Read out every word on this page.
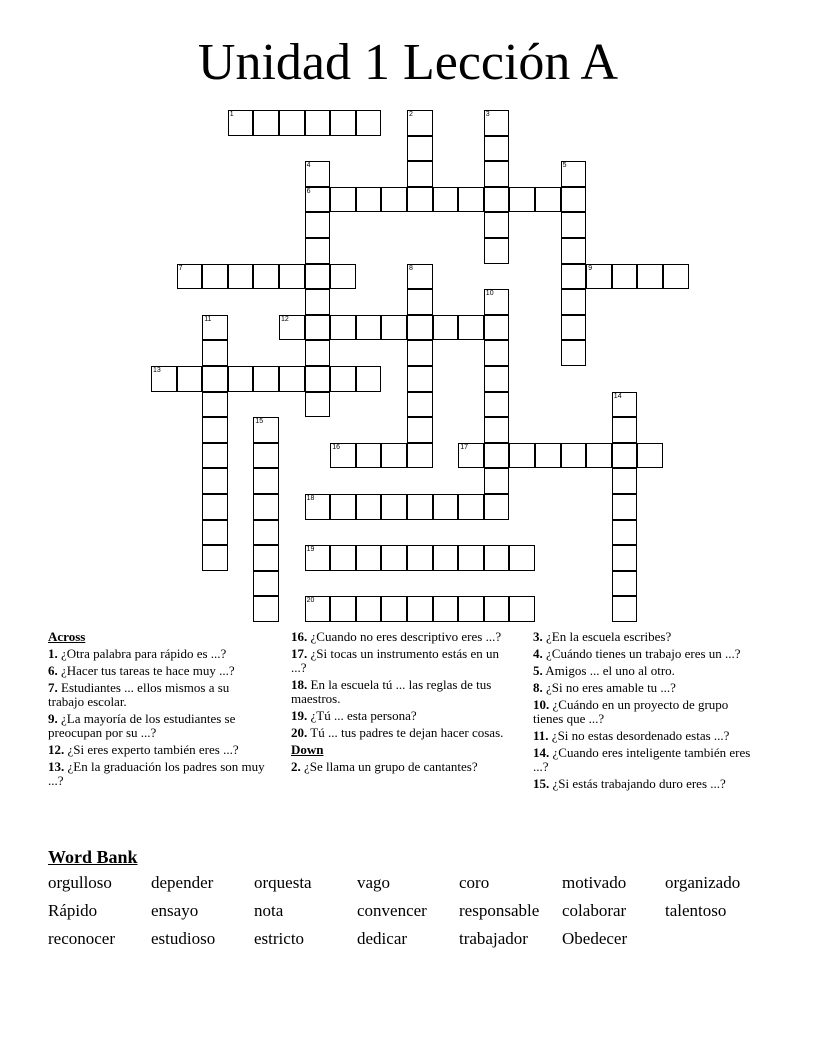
Unidad 1 Lección A
1
6
7	9
12
13
16	17
18
19
20
2	3
4	5
8
10
11
14
15
Across
1. ¿Otra palabra para rápido es ...?
6. ¿Hacer tus tareas te hace muy ...?
7. Estudiantes ... ellos mismos a su trabajo escolar.
9. ¿La mayoría de los estudiantes se preocupan por su ...?
12. ¿Si eres experto también eres ...?
13. ¿En la graduación los padres son muy ...?
16. ¿Cuando no eres descriptivo eres ...?
17. ¿Si tocas un instrumento estás en un ...?
18. En la escuela tú ... las reglas de tus maestros.
19. ¿Tú ... esta persona?
20. Tú ... tus padres te dejan hacer cosas.
Down
2. ¿Se llama un grupo de cantantes?
3. ¿En la escuela escribes?
4. ¿Cuándo tienes un trabajo eres un ...?
5. Amigos ... el uno al otro.
8. ¿Si no eres amable tu ...?
10. ¿Cuándo en un proyecto de grupo tienes que ...?
11. ¿Si no estas desordenado estas ...?
14. ¿Cuando eres inteligente también eres ...?
15. ¿Si estás trabajando duro eres ...?
Word Bank
orgulloso depender orquesta	vago	coro	motivado organizado
Rápido	ensayo	nota	convencer responsable colaborar talentoso
reconocer estudioso estricto	dedicar	trabajador Obedecer
